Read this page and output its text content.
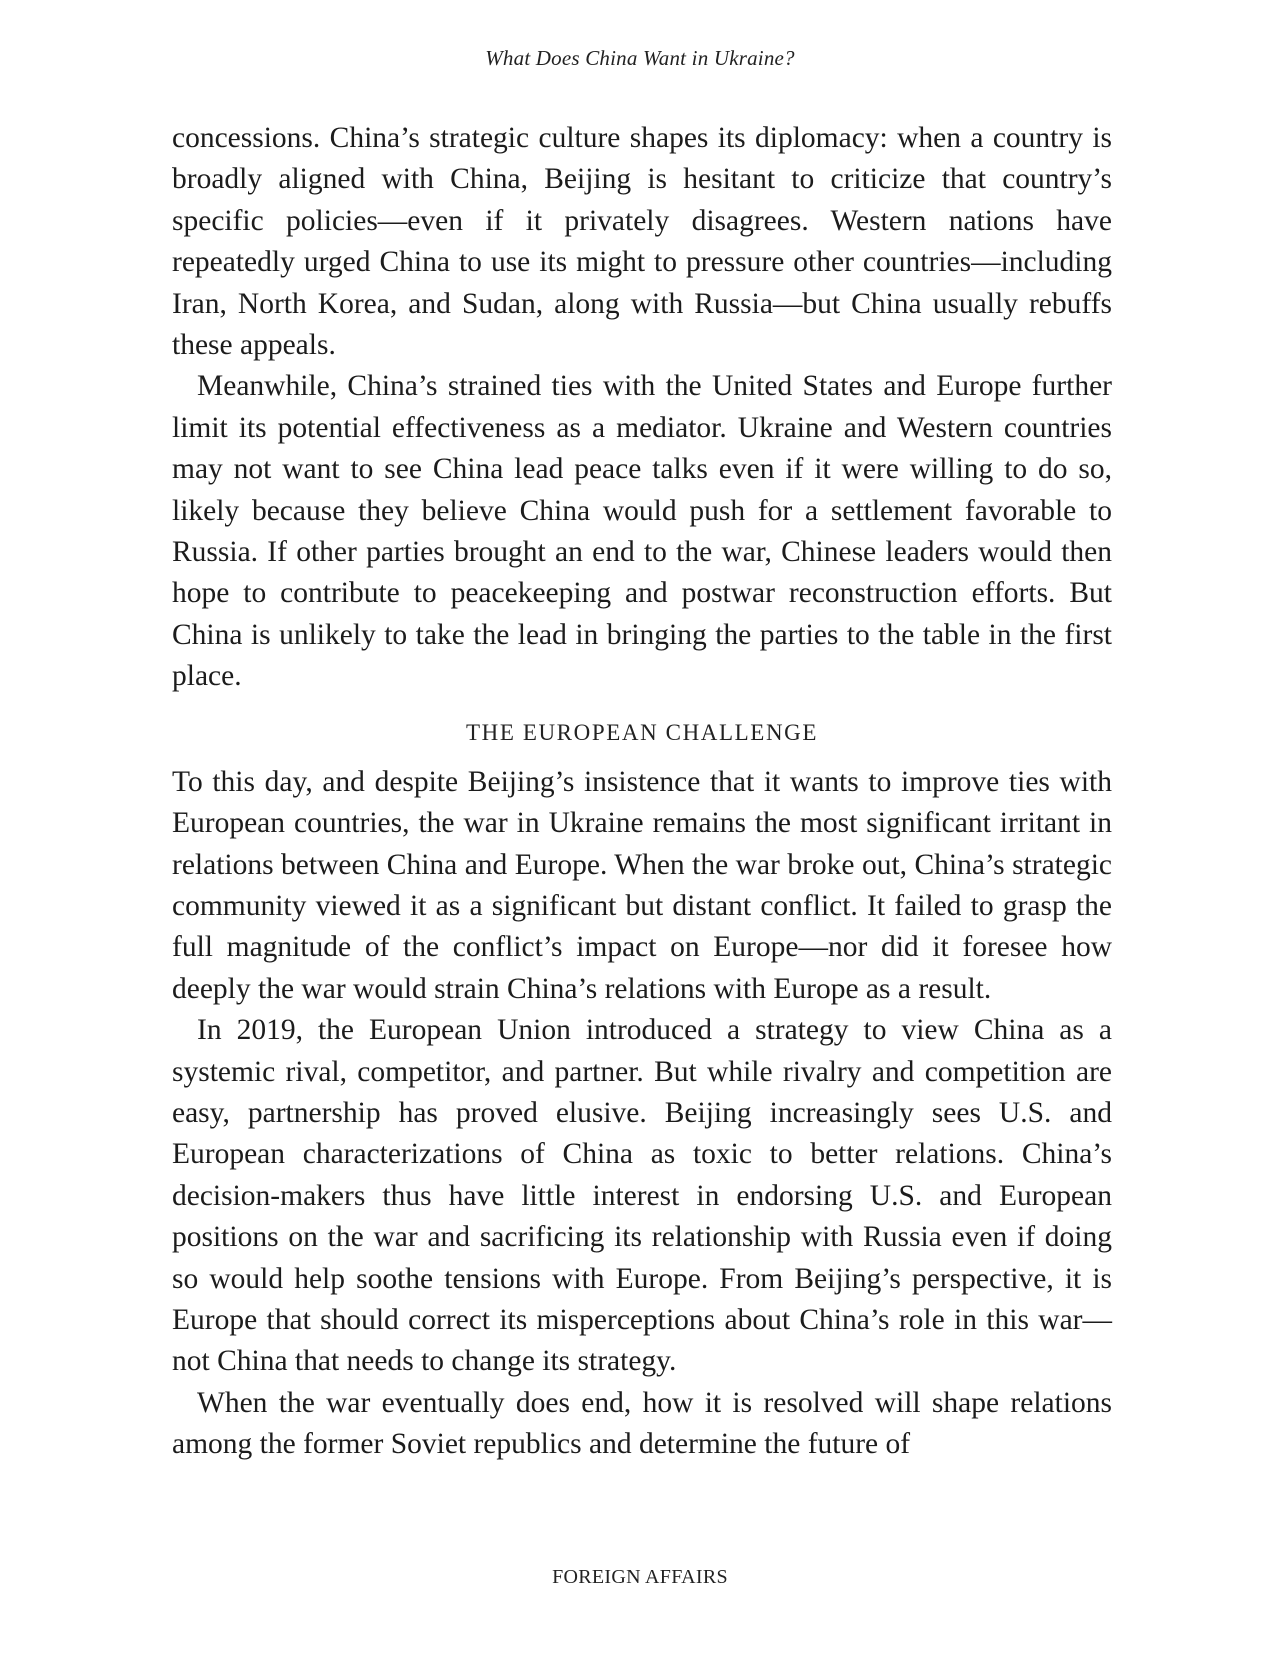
What Does China Want in Ukraine?

concessions. China’s strategic culture shapes its diplomacy: when a country is broadly aligned with China, Beijing is hesitant to criticize that country’s specific policies—even if it privately disagrees. Western nations have repeatedly urged China to use its might to pressure other countries—including Iran, North Korea, and Sudan, along with Russia—but China usually rebuffs these appeals.

Meanwhile, China’s strained ties with the United States and Europe further limit its potential effectiveness as a mediator. Ukraine and Western countries may not want to see China lead peace talks even if it were willing to do so, likely because they believe China would push for a settlement favorable to Russia. If other parties brought an end to the war, Chinese leaders would then hope to contribute to peacekeeping and postwar reconstruction efforts. But China is unlikely to take the lead in bringing the parties to the table in the first place.

THE EUROPEAN CHALLENGE

To this day, and despite Beijing’s insistence that it wants to improve ties with European countries, the war in Ukraine remains the most significant irritant in relations between China and Europe. When the war broke out, China’s strategic community viewed it as a significant but distant conflict. It failed to grasp the full magnitude of the conflict’s impact on Europe—nor did it foresee how deeply the war would strain China’s relations with Europe as a result.

In 2019, the European Union introduced a strategy to view China as a systemic rival, competitor, and partner. But while rivalry and competition are easy, partnership has proved elusive. Beijing increasingly sees U.S. and European characterizations of China as toxic to better relations. China’s decision-makers thus have little interest in endorsing U.S. and European positions on the war and sacrificing its relationship with Russia even if doing so would help soothe tensions with Europe. From Beijing’s perspective, it is Europe that should correct its misperceptions about China’s role in this war—not China that needs to change its strategy.

When the war eventually does end, how it is resolved will shape relations among the former Soviet republics and determine the future of

FOREIGN AFFAIRS
